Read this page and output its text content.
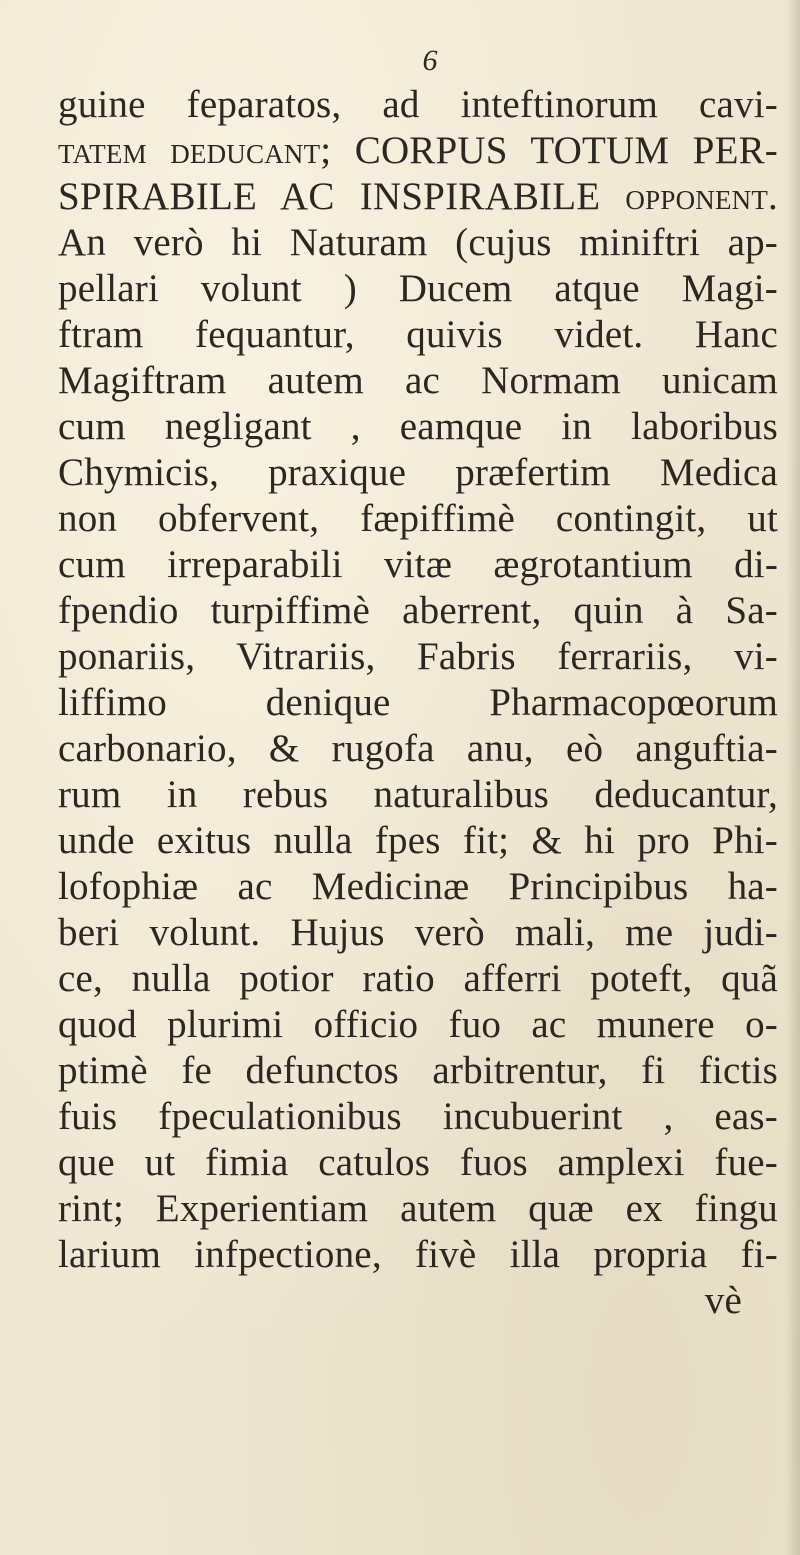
6
guine feparatos, ad inteftinorum cavi-
tatem deducant; CORPUS TOTUM PER-
SPIRABILE AC INSPIRABILE opponent.
An verò hi Naturam (cujus miniftri ap-
pellari volunt ) Ducem atque Magi-
ftram fequantur, quivis videt. Hanc
Magiftram autem ac Normam unicam
cum negligant , eamque in laboribus
Chymicis, praxique præfertim Medica
non obfervent, fæpiffimè contingit, ut
cum irreparabili vitæ ægrotantium di-
fpendio turpiffimè aberrent, quin à Sa-
ponariis, Vitrariis, Fabris ferrariis, vi-
liffimo denique Pharmacopœorum
carbonario, & rugofa anu, eò anguftia-
rum in rebus naturalibus deducantur,
unde exitus nulla fpes fit; & hi pro Phi-
lofophiæ ac Medicinæ Principibus ha-
beri volunt. Hujus verò mali, me judi-
ce, nulla potior ratio afferri poteft, quã
quod plurimi officio fuo ac munere o-
ptimè fe defunctos arbitrentur, fi fictis
fuis fpeculationibus incubuerint , eas-
que ut fimia catulos fuos amplexi fue-
rint; Experientiam autem quæ ex fingu
larium infpectione, fivè illa propria fi-
vè
